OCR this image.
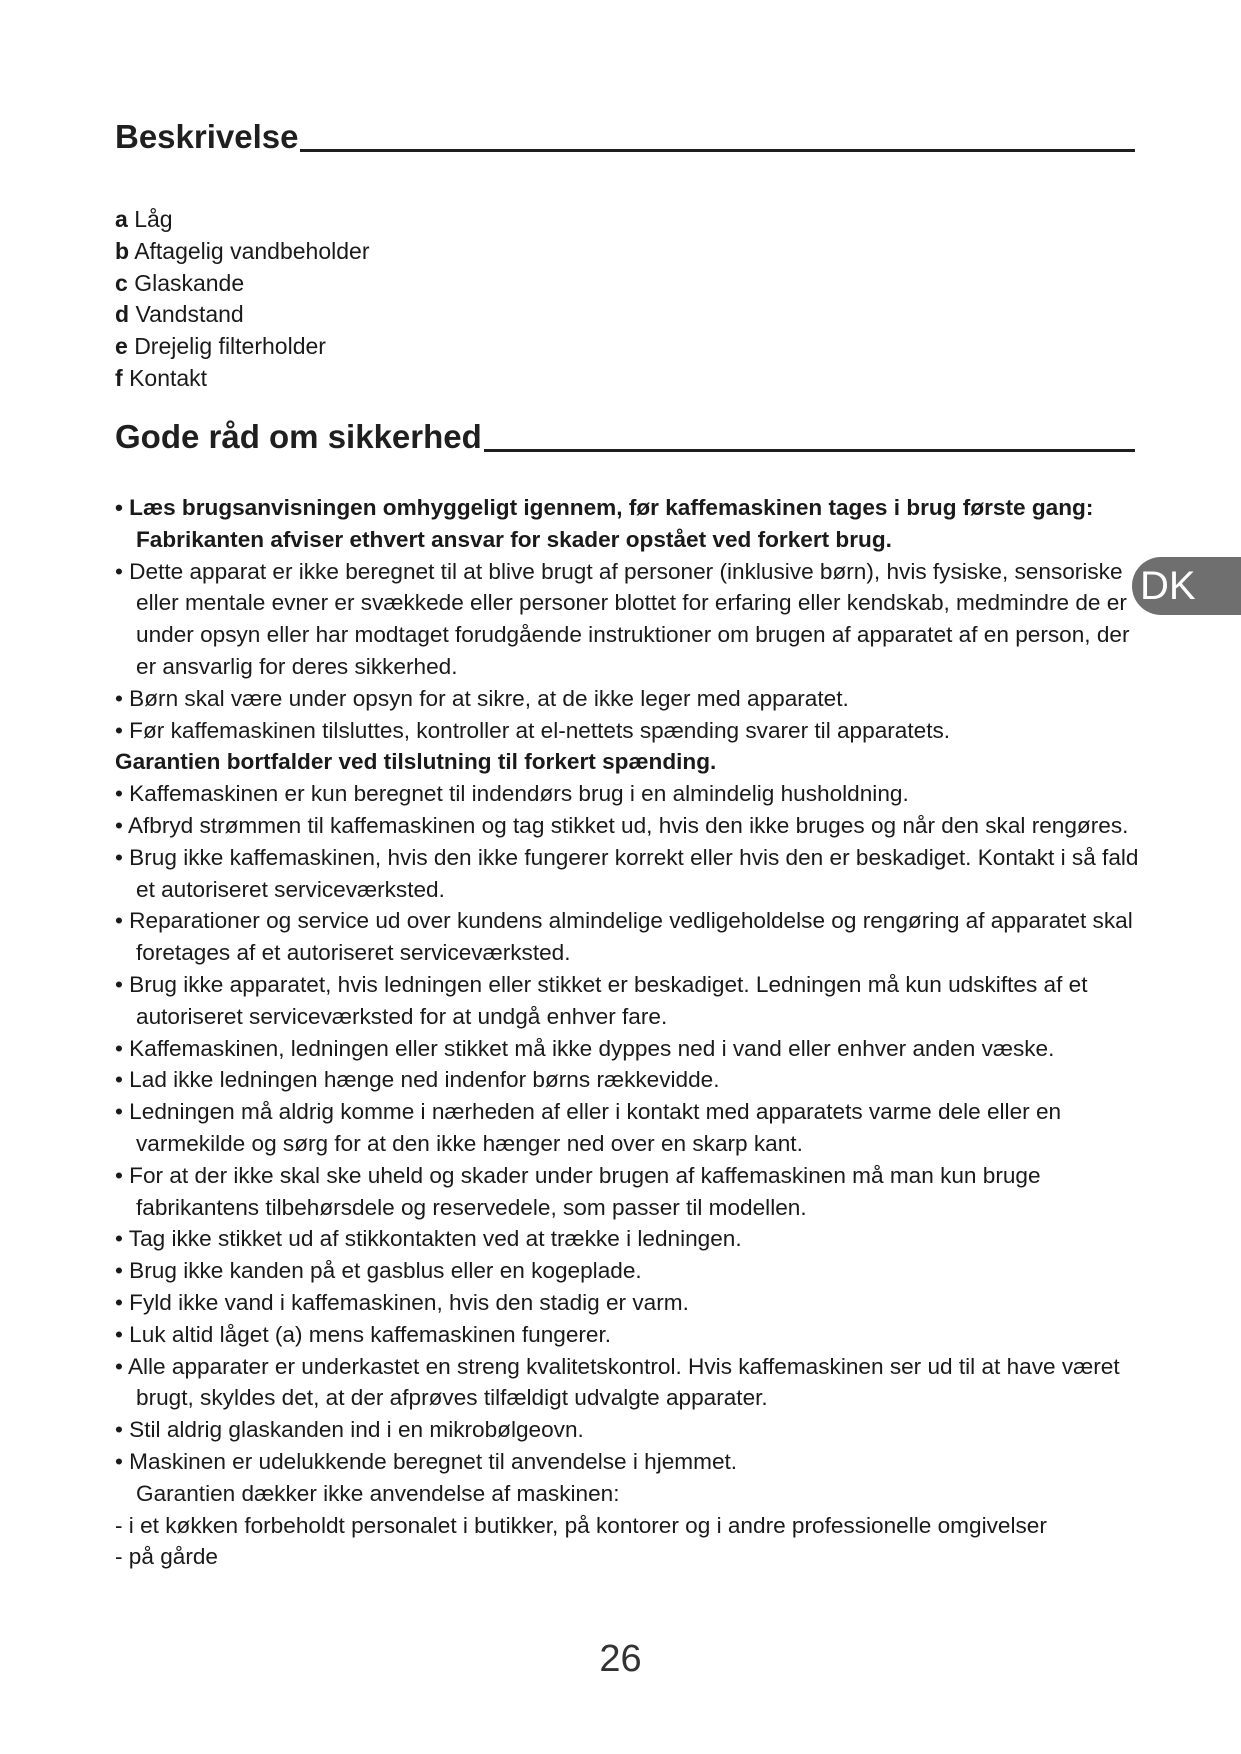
Beskrivelse
a Låg
b Aftagelig vandbeholder
c Glaskande
d Vandstand
e Drejelig filterholder
f Kontakt
Gode råd om sikkerhed

• Læs brugsanvisningen omhyggeligt igennem, før kaffemaskinen tages i brug første gang: Fabrikanten afviser ethvert ansvar for skader opstået ved forkert brug.

• Dette apparat er ikke beregnet til at blive brugt af personer (inklusive børn), hvis fysiske, sensoriske eller mentale evner er svækkede eller personer blottet for erfaring eller kendskab, medmindre de er under opsyn eller har modtaget forudgående instruktioner om brugen af apparatet af en person, der er ansvarlig for deres sikkerhed.

• Børn skal være under opsyn for at sikre, at de ikke leger med apparatet.

• Før kaffemaskinen tilsluttes, kontroller at el-nettets spænding svarer til apparatets.

Garantien bortfalder ved tilslutning til forkert spænding.

• Kaffemaskinen er kun beregnet til indendørs brug i en almindelig husholdning.

• Afbryd strømmen til kaffemaskinen og tag stikket ud, hvis den ikke bruges og når den skal rengøres.

• Brug ikke kaffemaskinen, hvis den ikke fungerer korrekt eller hvis den er beskadiget. Kontakt i så fald et autoriseret serviceværksted.

• Reparationer og service ud over kundens almindelige vedligeholdelse og rengøring af apparatet skal foretages af et autoriseret serviceværksted.

• Brug ikke apparatet, hvis ledningen eller stikket er beskadiget. Ledningen må kun udskiftes af et autoriseret serviceværksted for at undgå enhver fare.

• Kaffemaskinen, ledningen eller stikket må ikke dyppes ned i vand eller enhver anden væske.

• Lad ikke ledningen hænge ned indenfor børns rækkevidde.

• Ledningen må aldrig komme i nærheden af eller i kontakt med apparatets varme dele eller en varmekilde og sørg for at den ikke hænger ned over en skarp kant.

• For at der ikke skal ske uheld og skader under brugen af kaffemaskinen må man kun bruge fabrikantens tilbehørsdele og reservedele, som passer til modellen.

• Tag ikke stikket ud af stikkontakten ved at trække i ledningen.

• Brug ikke kanden på et gasblus eller en kogeplade.

• Fyld ikke vand i kaffemaskinen, hvis den stadig er varm.

• Luk altid låget (a) mens kaffemaskinen fungerer.

• Alle apparater er underkastet en streng kvalitetskontrol. Hvis kaffemaskinen ser ud til at have været brugt, skyldes det, at der afprøves tilfældigt udvalgte apparater.

• Stil aldrig glaskanden ind i en mikrobølgeovn.

• Maskinen er udelukkende beregnet til anvendelse i hjemmet.

Garantien dækker ikke anvendelse af maskinen:

- i et køkken forbeholdt personalet i butikker, på kontorer og i andre professionelle omgivelser

- på gårde

DK
26
